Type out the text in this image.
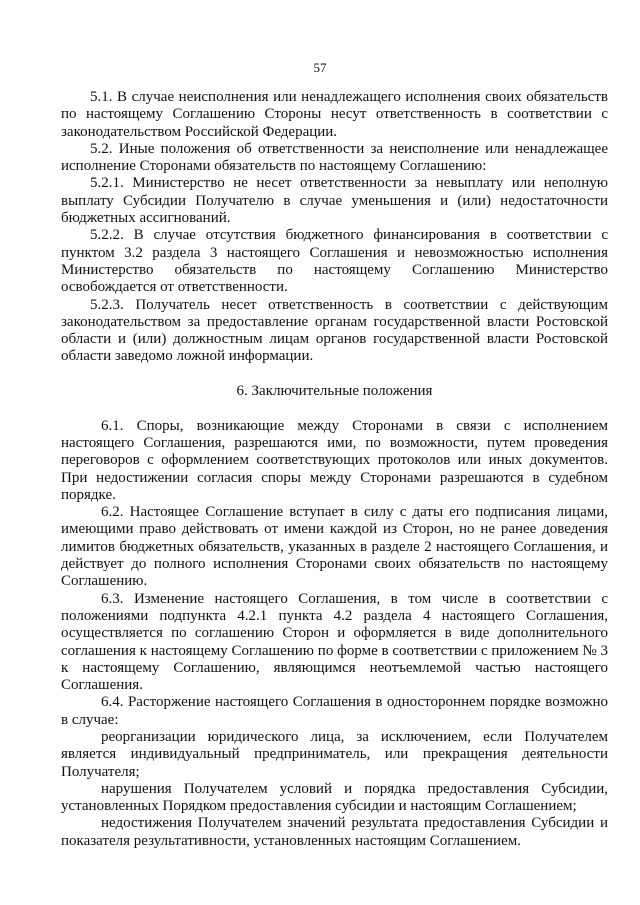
57

5.1. В случае неисполнения или ненадлежащего исполнения своих обязательств по настоящему Соглашению Стороны несут ответственность в соответствии с законодательством Российской Федерации.

5.2. Иные положения об ответственности за неисполнение или ненадлежащее исполнение Сторонами обязательств по настоящему Соглашению:

5.2.1. Министерство не несет ответственности за невыплату или неполную выплату Субсидии Получателю в случае уменьшения и (или) недостаточности бюджетных ассигнований.

5.2.2. В случае отсутствия бюджетного финансирования в соответствии с пунктом 3.2 раздела 3 настоящего Соглашения и невозможностью исполнения Министерство обязательств по настоящему Соглашению Министерство освобождается от ответственности.

5.2.3. Получатель несет ответственность в соответствии с действующим законодательством за предоставление органам государственной власти Ростовской области и (или) должностным лицам органов государственной власти Ростовской области заведомо ложной информации.

6. Заключительные положения

6.1. Споры, возникающие между Сторонами в связи с исполнением настоящего Соглашения, разрешаются ими, по возможности, путем проведения переговоров с оформлением соответствующих протоколов или иных документов. При недостижении согласия споры между Сторонами разрешаются в судебном порядке.

6.2. Настоящее Соглашение вступает в силу с даты его подписания лицами, имеющими право действовать от имени каждой из Сторон, но не ранее доведения лимитов бюджетных обязательств, указанных в разделе 2 настоящего Соглашения, и действует до полного исполнения Сторонами своих обязательств по настоящему Соглашению.

6.3. Изменение настоящего Соглашения, в том числе в соответствии с положениями подпункта 4.2.1 пункта 4.2 раздела 4 настоящего Соглашения, осуществляется по соглашению Сторон и оформляется в виде дополнительного соглашения к настоящему Соглашению по форме в соответствии с приложением № 3 к настоящему Соглашению, являющимся неотъемлемой частью настоящего Соглашения.

6.4. Расторжение настоящего Соглашения в одностороннем порядке возможно в случае:

реорганизации юридического лица, за исключением, если Получателем является индивидуальный предприниматель, или прекращения деятельности Получателя;

нарушения Получателем условий и порядка предоставления Субсидии, установленных Порядком предоставления субсидии и настоящим Соглашением;

недостижения Получателем значений результата предоставления Субсидии и показателя результативности, установленных настоящим Соглашением.
